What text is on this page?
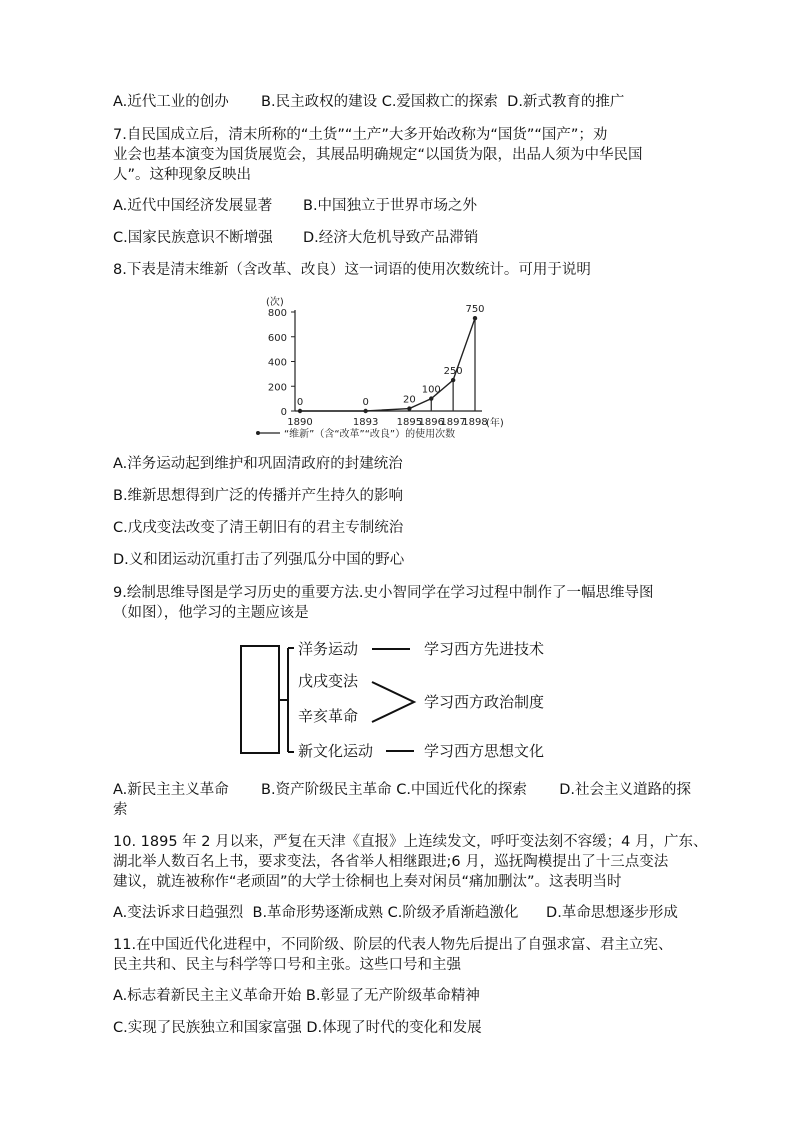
A.近代工业的创办       B.民主政权的建设 C.爱国救亡的探索  D.新式教育的推广
7.自民国成立后，清末所称的“土货”“土产”大多开始改称为“国货”“国产”；劝
业会也基本演变为国货展览会，其展品明确规定“以国货为限，出品人须为中华民国
人”。这种现象反映出
A.近代中国经济发展显著 B.中国独立于世界市场之外
C.国家民族意识不断增强 D.经济大危机导致产品滞销
8.下表是清末维新（含改革、改良）这一词语的使用次数统计。可用于说明
(次)
0
200
400
600
800
1890	1893 1895
1896
1897
1898
0	0	20
100
250
750
(年)
“维新”（含“改革”“改良”）的使用次数
A.洋务运动起到维护和巩固清政府的封建统治
B.维新思想得到广泛的传播并产生持久的影响
C.戊戌变法改变了清王朝旧有的君主专制统治
D.义和团运动沉重打击了列强瓜分中国的野心
9.绘制思维导图是学习历史的重要方法.史小智同学在学习过程中制作了一幅思维导图
（如图），他学习的主题应该是
洋务运动
戊戌变法
辛亥革命
新文化运动
学习西方先进技术
学习西方政治制度
学习西方思想文化
A.新民主主义革命       B.资产阶级民主革命 C.中国近代化的探索       D.社会主义道路的探
索
10. 1895 年 2 月以来，严复在天津《直报》上连续发文，呼吁变法刻不容缓；4 月，广东、
湖北举人数百名上书，要求变法，各省举人相继跟进;6 月，巡抚陶模提出了十三点变法
建议，就连被称作“老顽固”的大学士徐桐也上奏对闲员“痛加删汰”。这表明当时
A.变法诉求日趋强烈  B.革命形势逐渐成熟 C.阶级矛盾渐趋激化      D.革命思想逐步形成
11.在中国近代化进程中，不同阶级、阶层的代表人物先后提出了自强求富、君主立宪、
民主共和、民主与科学等口号和主张。这些口号和主强
A.标志着新民主主义革命开始 B.彰显了无产阶级革命精神
C.实现了民族独立和国家富强 D.体现了时代的变化和发展
